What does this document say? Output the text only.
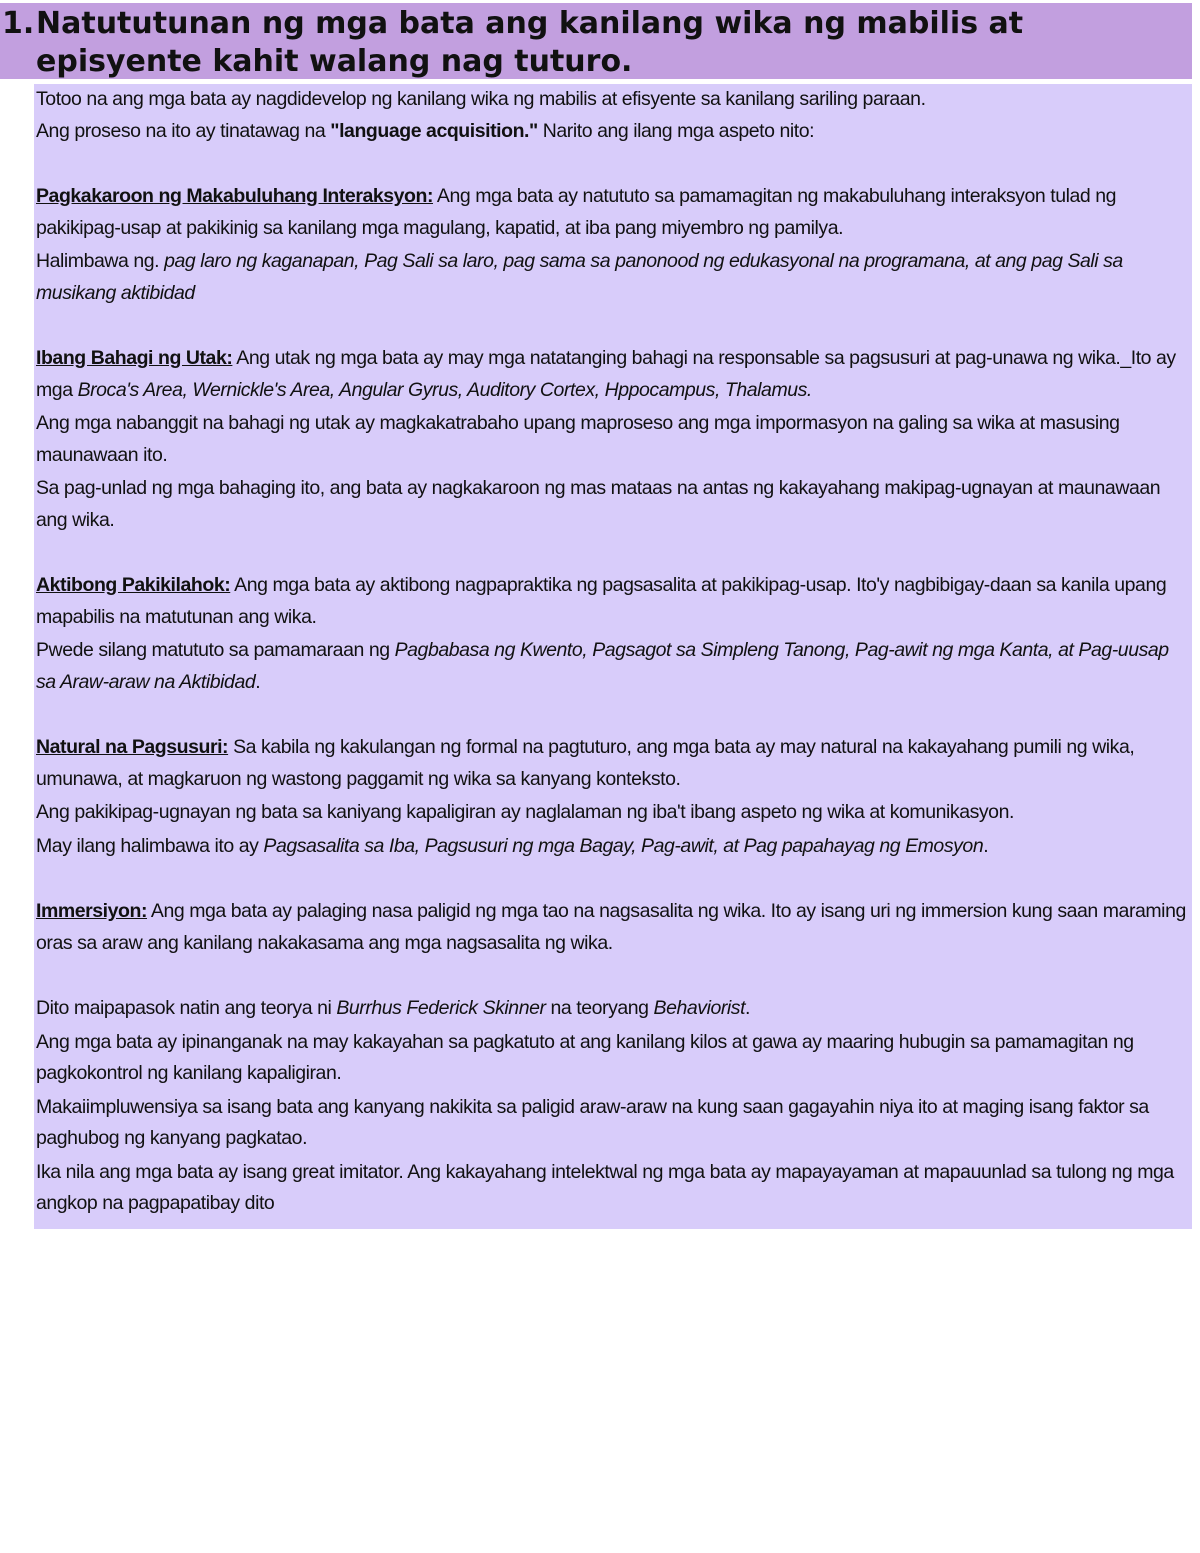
1. Natututunan ng mga bata ang kanilang wika ng mabilis at episyente kahit walang nag tuturo.

Totoo na ang mga bata ay nagdidevelop ng kanilang wika ng mabilis at efisyente sa kanilang sariling paraan.

Ang proseso na ito ay tinatawag na "language acquisition." Narito ang ilang mga aspeto nito:

Pagkakaroon ng Makabuluhang Interaksyon: Ang mga bata ay natututo sa pamamagitan ng makabuluhang interaksyon tulad ng pakikipag-usap at pakikinig sa kanilang mga magulang, kapatid, at iba pang miyembro ng pamilya.

Halimbawa ng. pag laro ng kaganapan, Pag Sali sa laro, pag sama sa panonood ng edukasyonal na programana, at ang pag Sali sa musikang aktibidad

Ibang Bahagi ng Utak: Ang utak ng mga bata ay may mga natatanging bahagi na responsable sa pagsusuri at pag-unawa ng wika._Ito ay mga Broca's Area, Wernickle's Area, Angular Gyrus, Auditory Cortex, Hppocampus, Thalamus.

Ang mga nabanggit na bahagi ng utak ay magkakatrabaho upang maproseso ang mga impormasyon na galing sa wika at masusing maunawaan ito.

Sa pag-unlad ng mga bahaging ito, ang bata ay nagkakaroon ng mas mataas na antas ng kakayahang makipag-ugnayan at maunawaan ang wika.

Aktibong Pakikilahok: Ang mga bata ay aktibong nagpapraktika ng pagsasalita at pakikipag-usap. Ito'y nagbibigay-daan sa kanila upang mapabilis na matutunan ang wika.

Pwede silang matututo sa pamamaraan ng Pagbabasa ng Kwento, Pagsagot sa Simpleng Tanong, Pag-awit ng mga Kanta, at Pag-uusap sa Araw-araw na Aktibidad.

Natural na Pagsusuri: Sa kabila ng kakulangan ng formal na pagtuturo, ang mga bata ay may natural na kakayahang pumili ng wika, umunawa, at magkaruon ng wastong paggamit ng wika sa kanyang konteksto.

Ang pakikipag-ugnayan ng bata sa kaniyang kapaligiran ay naglalaman ng iba't ibang aspeto ng wika at komunikasyon.

May ilang halimbawa ito ay Pagsasalita sa Iba, Pagsusuri ng mga Bagay, Pag-awit, at Pag papahayag ng Emosyon.

Immersiyon: Ang mga bata ay palaging nasa paligid ng mga tao na nagsasalita ng wika. Ito ay isang uri ng immersion kung saan maraming oras sa araw ang kanilang nakakasama ang mga nagsasalita ng wika.

Dito maipapasok natin ang teorya ni Burrhus Federick Skinner na teoryang Behaviorist.

Ang mga bata ay ipinanganak na may kakayahan sa pagkatuto at ang kanilang kilos at gawa ay maaring hubugin sa pamamagitan ng pagkokontrol ng kanilang kapaligiran.

Makaiimpluwensiya sa isang bata ang kanyang nakikita sa paligid araw-araw na kung saan gagayahin niya ito at maging isang faktor sa paghubog ng kanyang pagkatao.

Ika nila ang mga bata ay isang great imitator. Ang kakayahang intelektwal ng mga bata ay mapayayaman at mapauunlad sa tulong ng mga angkop na pagpapatibay dito
